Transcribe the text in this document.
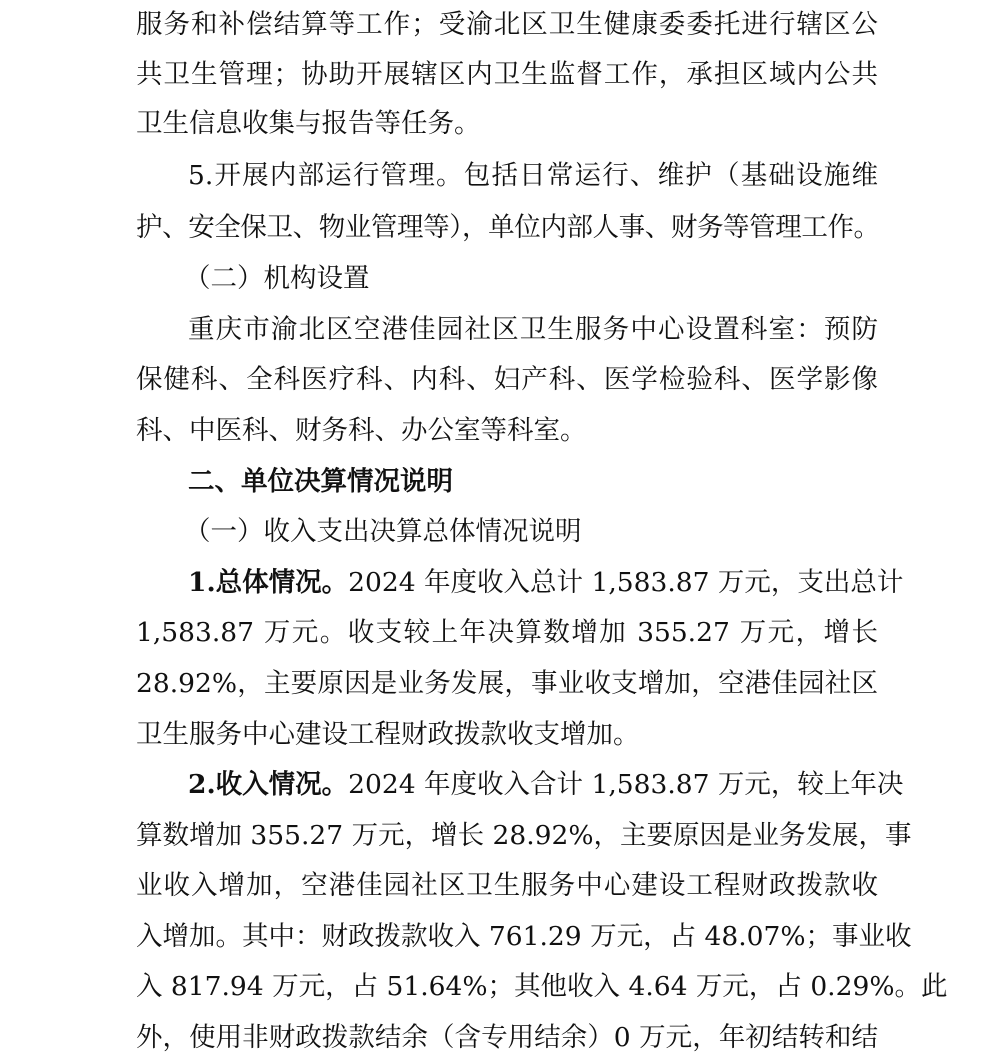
服务和补偿结算等工作；受渝北区卫生健康委委托进行辖区公

共卫生管理；协助开展辖区内卫生监督工作，承担区域内公共

卫生信息收集与报告等任务。

5.开展内部运行管理。包括日常运行、维护（基础设施维

护、安全保卫、物业管理等），单位内部人事、财务等管理工作。

（二）机构设置

重庆市渝北区空港佳园社区卫生服务中心设置科室：预防

保健科、全科医疗科、内科、妇产科、医学检验科、医学影像

科、中医科、财务科、办公室等科室。

二、单位决算情况说明

（一）收入支出决算总体情况说明

1.总体情况。 2024 年度收入总计 1,583.87 万元，支出总计

1,583.87 万元。收支较上年决算数增加 355.27 万元，增长

28.92%，主要原因是业务发展，事业收支增加，空港佳园社区

卫生服务中心建设工程财政拨款收支增加。

2.收入情况。 2024 年度收入合计 1,583.87 万元，较上年决

算数增加 355.27 万元，增长 28.92%，主要原因是业务发展，事

业收入增加，空港佳园社区卫生服务中心建设工程财政拨款收

入增加。其中：财政拨款收入 761.29 万元，占 48.07%；事业收

入 817.94 万元，占 51.64%；其他收入 4.64 万元，占 0.29%。此

外，使用非财政拨款结余（含专用结余）0 万元，年初结转和结
